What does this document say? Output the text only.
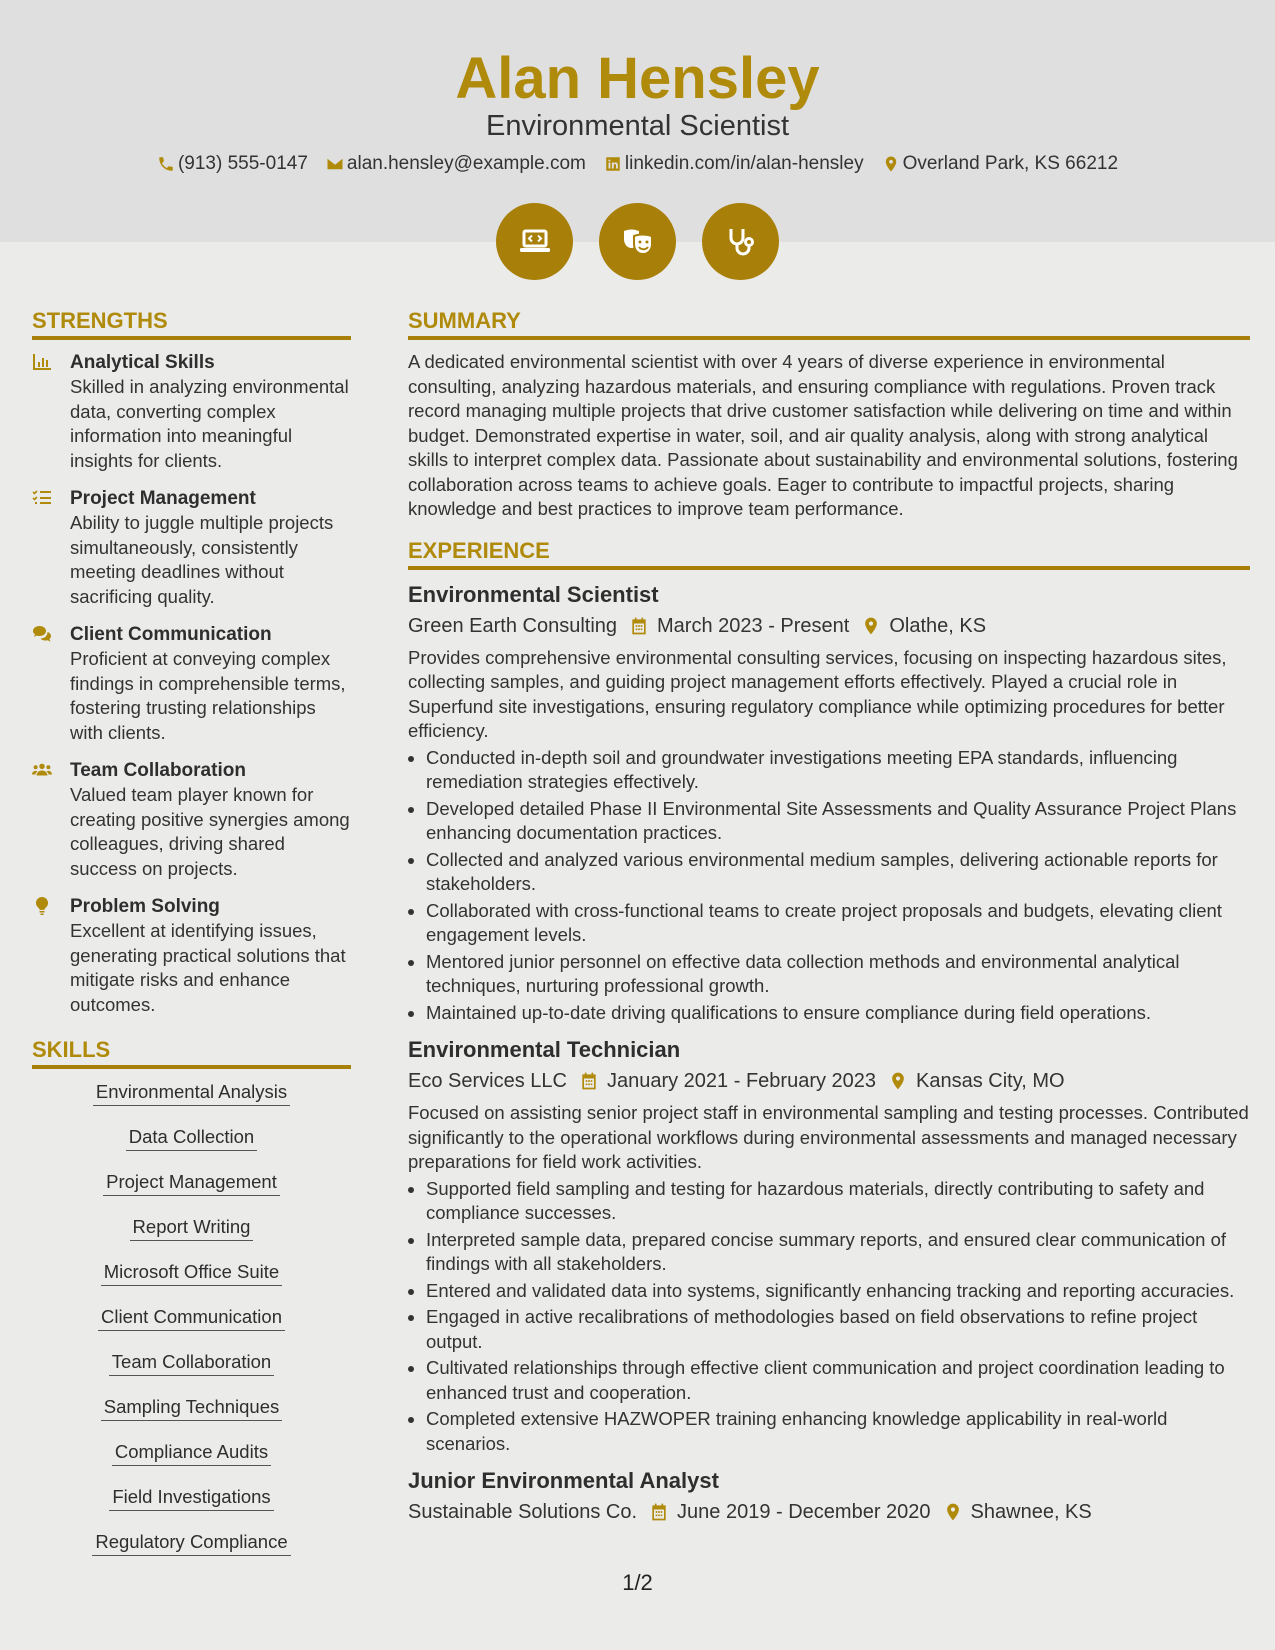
Alan Hensley
Environmental Scientist
(913) 555-0147 alan.hensley@example.com linkedin.com/in/alan-hensley Overland Park, KS 66212
STRENGTHS
Analytical Skills

Skilled in analyzing environmental data, converting complex information into meaningful insights for clients.

Project Management

Ability to juggle multiple projects simultaneously, consistently meeting deadlines without sacrificing quality.

Client Communication

Proficient at conveying complex findings in comprehensible terms, fostering trusting relationships with clients.

Team Collaboration

Valued team player known for creating positive synergies among colleagues, driving shared success on projects.

Problem Solving

Excellent at identifying issues, generating practical solutions that mitigate risks and enhance outcomes.

SKILLS
Environmental Analysis
Data Collection
Project Management
Report Writing
Microsoft Office Suite
Client Communication
Team Collaboration
Sampling Techniques
Compliance Audits
Field Investigations
Regulatory Compliance
SUMMARY

A dedicated environmental scientist with over 4 years of diverse experience in environmental consulting, analyzing hazardous materials, and ensuring compliance with regulations. Proven track record managing multiple projects that drive customer satisfaction while delivering on time and within budget. Demonstrated expertise in water, soil, and air quality analysis, along with strong analytical skills to interpret complex data. Passionate about sustainability and environmental solutions, fostering collaboration across teams to achieve goals. Eager to contribute to impactful projects, sharing knowledge and best practices to improve team performance.

EXPERIENCE
Environmental Scientist
Green Earth Consulting March 2023 - Present Olathe, KS

Provides comprehensive environmental consulting services, focusing on inspecting hazardous sites, collecting samples, and guiding project management efforts effectively. Played a crucial role in Superfund site investigations, ensuring regulatory compliance while optimizing procedures for better efficiency.

• Conducted in-depth soil and groundwater investigations meeting EPA standards, influencing remediation strategies effectively.
• Developed detailed Phase II Environmental Site Assessments and Quality Assurance Project Plans enhancing documentation practices.
• Collected and analyzed various environmental medium samples, delivering actionable reports for stakeholders.
• Collaborated with cross-functional teams to create project proposals and budgets, elevating client engagement levels.
• Mentored junior personnel on effective data collection methods and environmental analytical techniques, nurturing professional growth.
• Maintained up-to-date driving qualifications to ensure compliance during field operations.
Environmental Technician
Eco Services LLC January 2021 - February 2023 Kansas City, MO

Focused on assisting senior project staff in environmental sampling and testing processes. Contributed significantly to the operational workflows during environmental assessments and managed necessary preparations for field work activities.

• Supported field sampling and testing for hazardous materials, directly contributing to safety and compliance successes.
• Interpreted sample data, prepared concise summary reports, and ensured clear communication of findings with all stakeholders.
• Entered and validated data into systems, significantly enhancing tracking and reporting accuracies.
• Engaged in active recalibrations of methodologies based on field observations to refine project output.
• Cultivated relationships through effective client communication and project coordination leading to enhanced trust and cooperation.
• Completed extensive HAZWOPER training enhancing knowledge applicability in real-world scenarios.
Junior Environmental Analyst
Sustainable Solutions Co. June 2019 - December 2020 Shawnee, KS
1/2
